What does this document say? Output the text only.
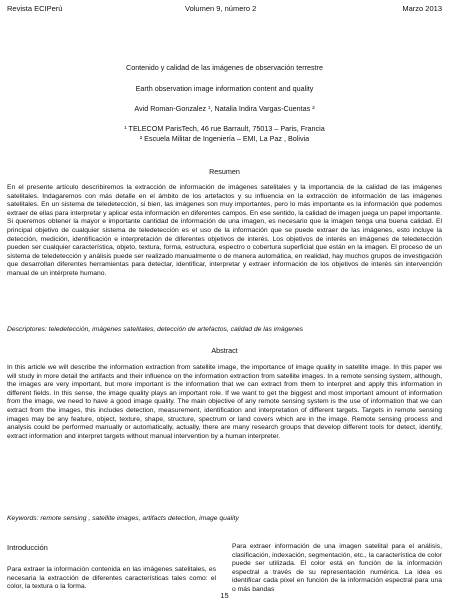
Revista ECIPerú	Volumen 9, número 2	Marzo 2013
Contenido y calidad de las imágenes de observación terrestre
Earth observation image information content and quality
Avid Roman-Gonzalez ¹, Natalia Indira Vargas-Cuentas ²
¹ TELECOM ParisTech, 46 rue Barrault, 75013 – Paris, Francia
² Escuela Militar de Ingeniería – EMI, La Paz , Bolivia
Resumen

En el presente artículo describiremos la extracción de información de imágenes satelitales y la importancia de la calidad de las imágenes satelitales. Indagaremos con más detalle en el ámbito de los artefactos y su influencia en la extracción de información de las imágenes satelitales. En un sistema de teledetección, si bien, las imágenes son muy importantes, pero lo más importante es la información que podemos extraer de ellas para interpretar y aplicar esta información en diferentes campos. En ese sentido, la calidad de imagen juega un papel importante. Si queremos obtener la mayor e importante cantidad de información de una imagen, es necesario que la imagen tenga una buena calidad. El principal objetivo de cualquier sistema de teledetección es el uso de la información que se puede extraer de las imágenes, esto incluye la detección, medición, identificación e interpretación de diferentes objetivos de interés. Los objetivos de interés en imágenes de teledetección pueden ser cualquier característica, objeto, textura, forma, estructura, espectro o cobertura superficial que están en la imagen. El proceso de un sistema de teledetección y análisis puede ser realizado manualmente o de manera automática, en realidad, hay muchos grupos de investigación que desarrollan diferentes herramientas para detectar, identificar, interpretar y extraer información de los objetivos de interés sin intervención manual de un intérprete humano.

Descriptores: teledetección, imágenes satelitales, detección de artefactos, calidad de las imágenes

Abstract

In this article we will describe the information extraction from satellite image, the importance of image quality in satellite image. In this paper we will study in more detail the artifacts and their influence on the information extraction from satellite images. In a remote sensing system, although, the images are very important, but more important is the information that we can extract from them to interpret and apply this information in different fields. In this sense, the image quality plays an important role. If we want to get the biggest and most important amount of information from the image, we need to have a good image quality. The main objective of any remote sensing system is the use of information that we can extract from the images, this includes detection, measurement, identification and interpretation of different targets. Targets in remote sensing images may be any feature, object, texture, shape, structure, spectrum or land covers which are in the image. Remote sensing process and analysis could be performed manually or automatically, actually, there are many research groups that develop different tools for detect, identify, extract information and interpret targets without manual intervention by a human interpreter.

Keywords: remote sensing , satellite images, artifacts detection, image quality

Introducción

Para extraer la información contenida en las imágenes satelitales, es necesaria la extracción de diferentes características tales como: el color, la textura o la forma.

Para extraer información de una imagen satelital para el análisis, clasificación, indexación, segmentación, etc., la característica de color puede ser utilizada. El color está en función de la información espectral a través de su representación numérica. La idea es identificar cada píxel en función de la información espectral para una o más bandas

15
